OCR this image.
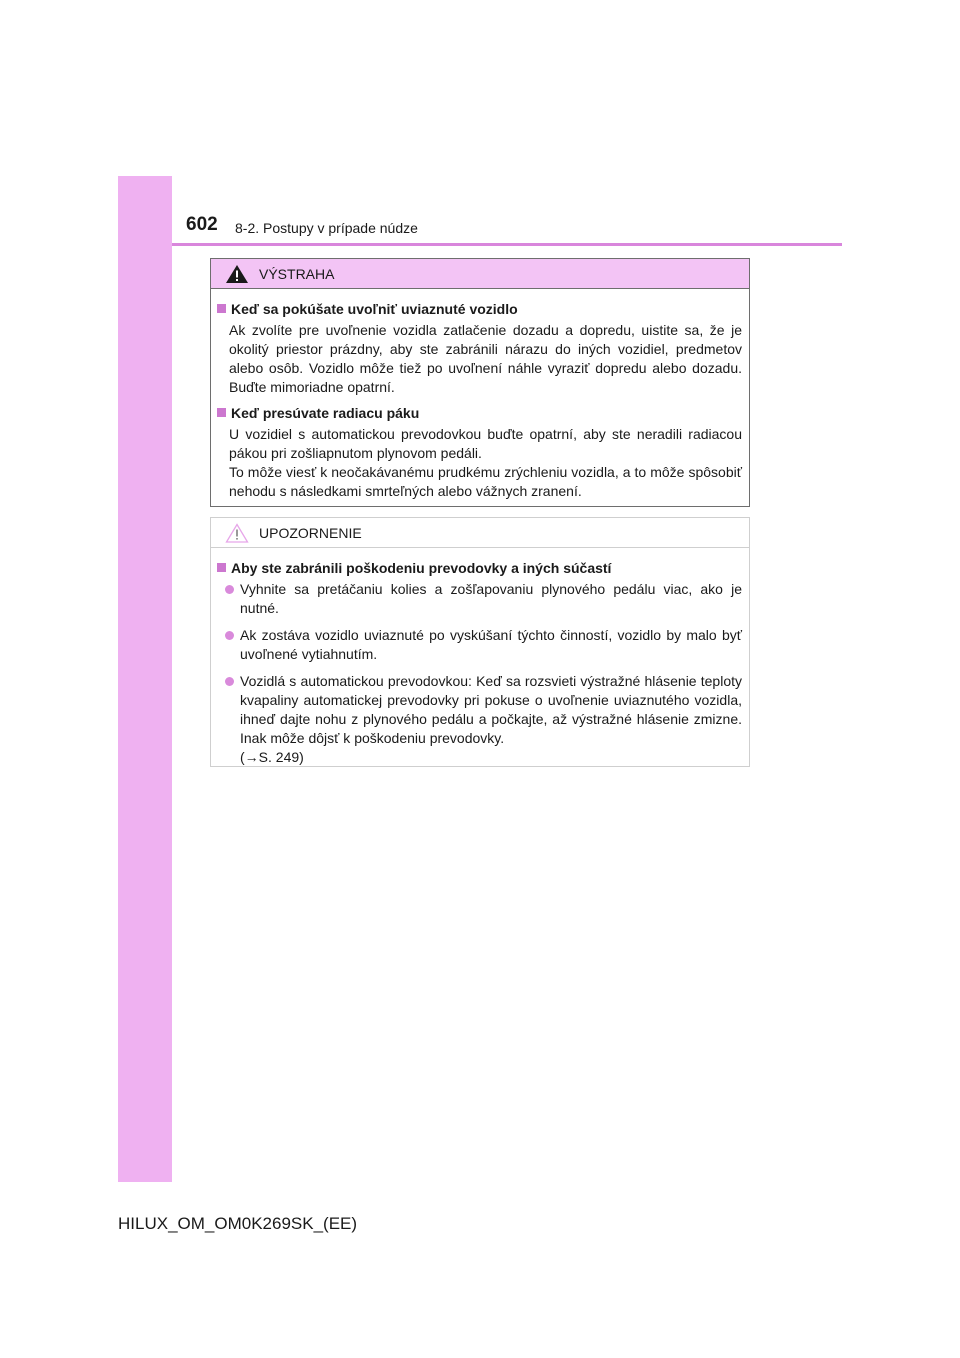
602 8-2. Postupy v prípade núdze
VÝSTRAHA
Keď sa pokúšate uvoľniť uviaznuté vozidlo

Ak zvolíte pre uvoľnenie vozidla zatlačenie dozadu a dopredu, uistite sa, že je okolitý priestor prázdny, aby ste zabránili nárazu do iných vozidiel, predmetov alebo osôb. Vozidlo môže tiež po uvoľnení náhle vyraziť dopredu alebo dozadu. Buďte mimoriadne opatrní.

Keď presúvate radiacu páku

U vozidiel s automatickou prevodovkou buďte opatrní, aby ste neradili radiacou pákou pri zošliapnutom plynovom pedáli.

To môže viesť k neočakávanému prudkému zrýchleniu vozidla, a to môže spôsobiť nehodu s následkami smrteľných alebo vážnych zranení.

UPOZORNENIE
Aby ste zabránili poškodeniu prevodovky a iných súčastí
Vyhnite sa pretáčaniu kolies a zošľapovaniu plynového pedálu viac, ako je nutné.
Ak zostáva vozidlo uviaznuté po vyskúšaní týchto činností, vozidlo by malo byť uvoľnené vytiahnutím.
Vozidlá s automatickou prevodovkou: Keď sa rozsvieti výstražné hlásenie teploty kvapaliny automatickej prevodovky pri pokuse o uvoľnenie uviaznutého vozidla, ihneď dajte nohu z plynového pedálu a počkajte, až výstražné hlásenie zmizne. Inak môže dôjsť k poškodeniu prevodovky.
(→S. 249)
HILUX_OM_OM0K269SK_(EE)
